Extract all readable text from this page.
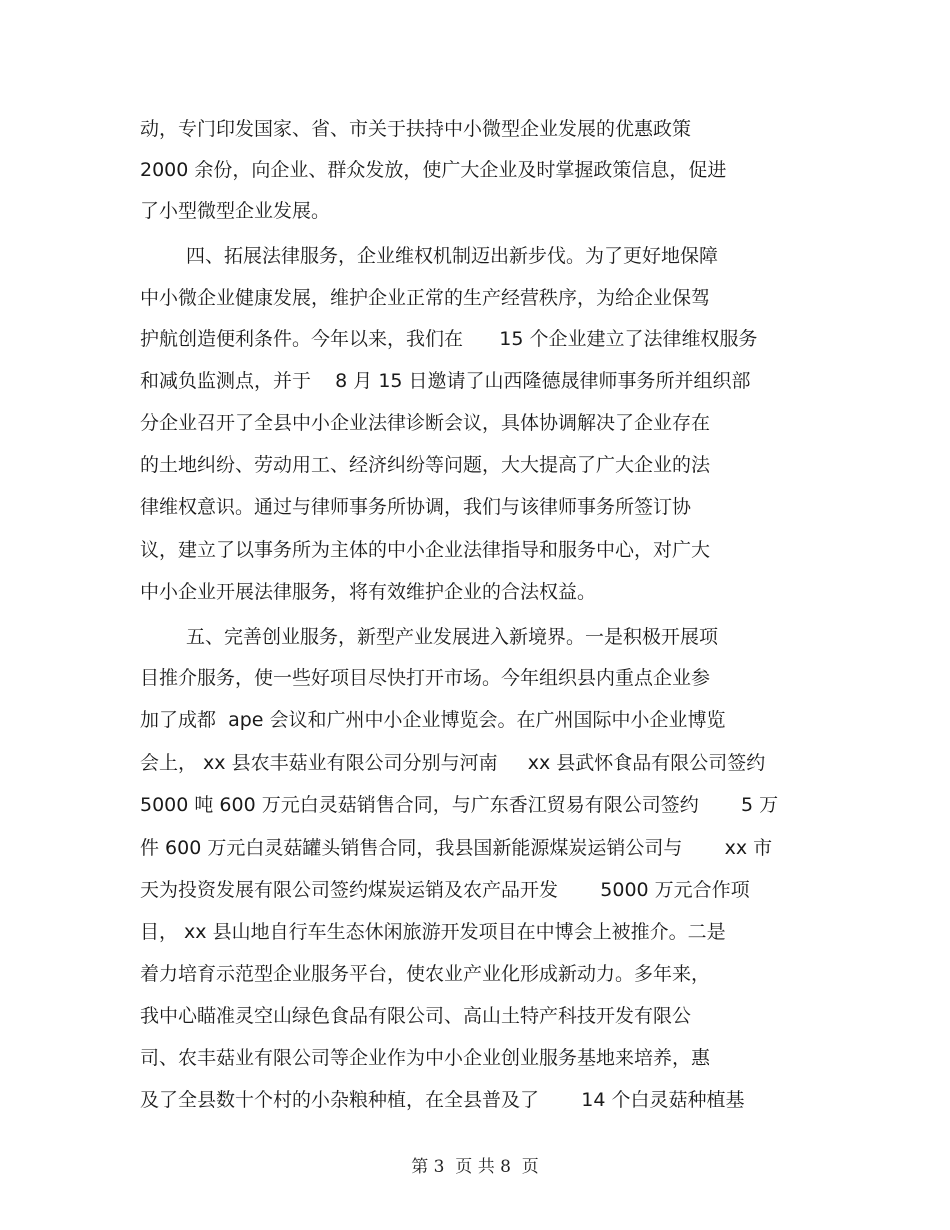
动，专门印发国家、省、市关于扶持中小微型企业发展的优惠政策
2000 余份，向企业、群众发放，使广大企业及时掌握政策信息，促进
了小型微型企业发展。
四、拓展法律服务，企业维权机制迈出新步伐。为了更好地保障
中小微企业健康发展，维护企业正常的生产经营秩序，为给企业保驾
护航创造便利条件。今年以来，我们在      15 个企业建立了法律维权服务
和减负监测点，并于    8 月 15 日邀请了山西隆德晟律师事务所并组织部
分企业召开了全县中小企业法律诊断会议，具体协调解决了企业存在
的土地纠纷、劳动用工、经济纠纷等问题，大大提高了广大企业的法
律维权意识。通过与律师事务所协调，我们与该律师事务所签订协
议，建立了以事务所为主体的中小企业法律指导和服务中心，对广大
中小企业开展法律服务，将有效维护企业的合法权益。
五、完善创业服务，新型产业发展进入新境界。一是积极开展项
目推介服务，使一些好项目尽快打开市场。今年组织县内重点企业参
加了成都  ape 会议和广州中小企业博览会。在广州国际中小企业博览
会上， xx 县农丰菇业有限公司分别与河南     xx 县武怀食品有限公司签约
5000 吨 600 万元白灵菇销售合同，与广东香江贸易有限公司签约       5 万
件 600 万元白灵菇罐头销售合同，我县国新能源煤炭运销公司与       xx 市
天为投资发展有限公司签约煤炭运销及农产品开发       5000 万元合作项
目， xx 县山地自行车生态休闲旅游开发项目在中博会上被推介。二是
着力培育示范型企业服务平台，使农业产业化形成新动力。多年来，
我中心瞄准灵空山绿色食品有限公司、高山土特产科技开发有限公
司、农丰菇业有限公司等企业作为中小企业创业服务基地来培养，惠
及了全县数十个村的小杂粮种植，在全县普及了       14 个白灵菇种植基
第 3  页 共 8  页
